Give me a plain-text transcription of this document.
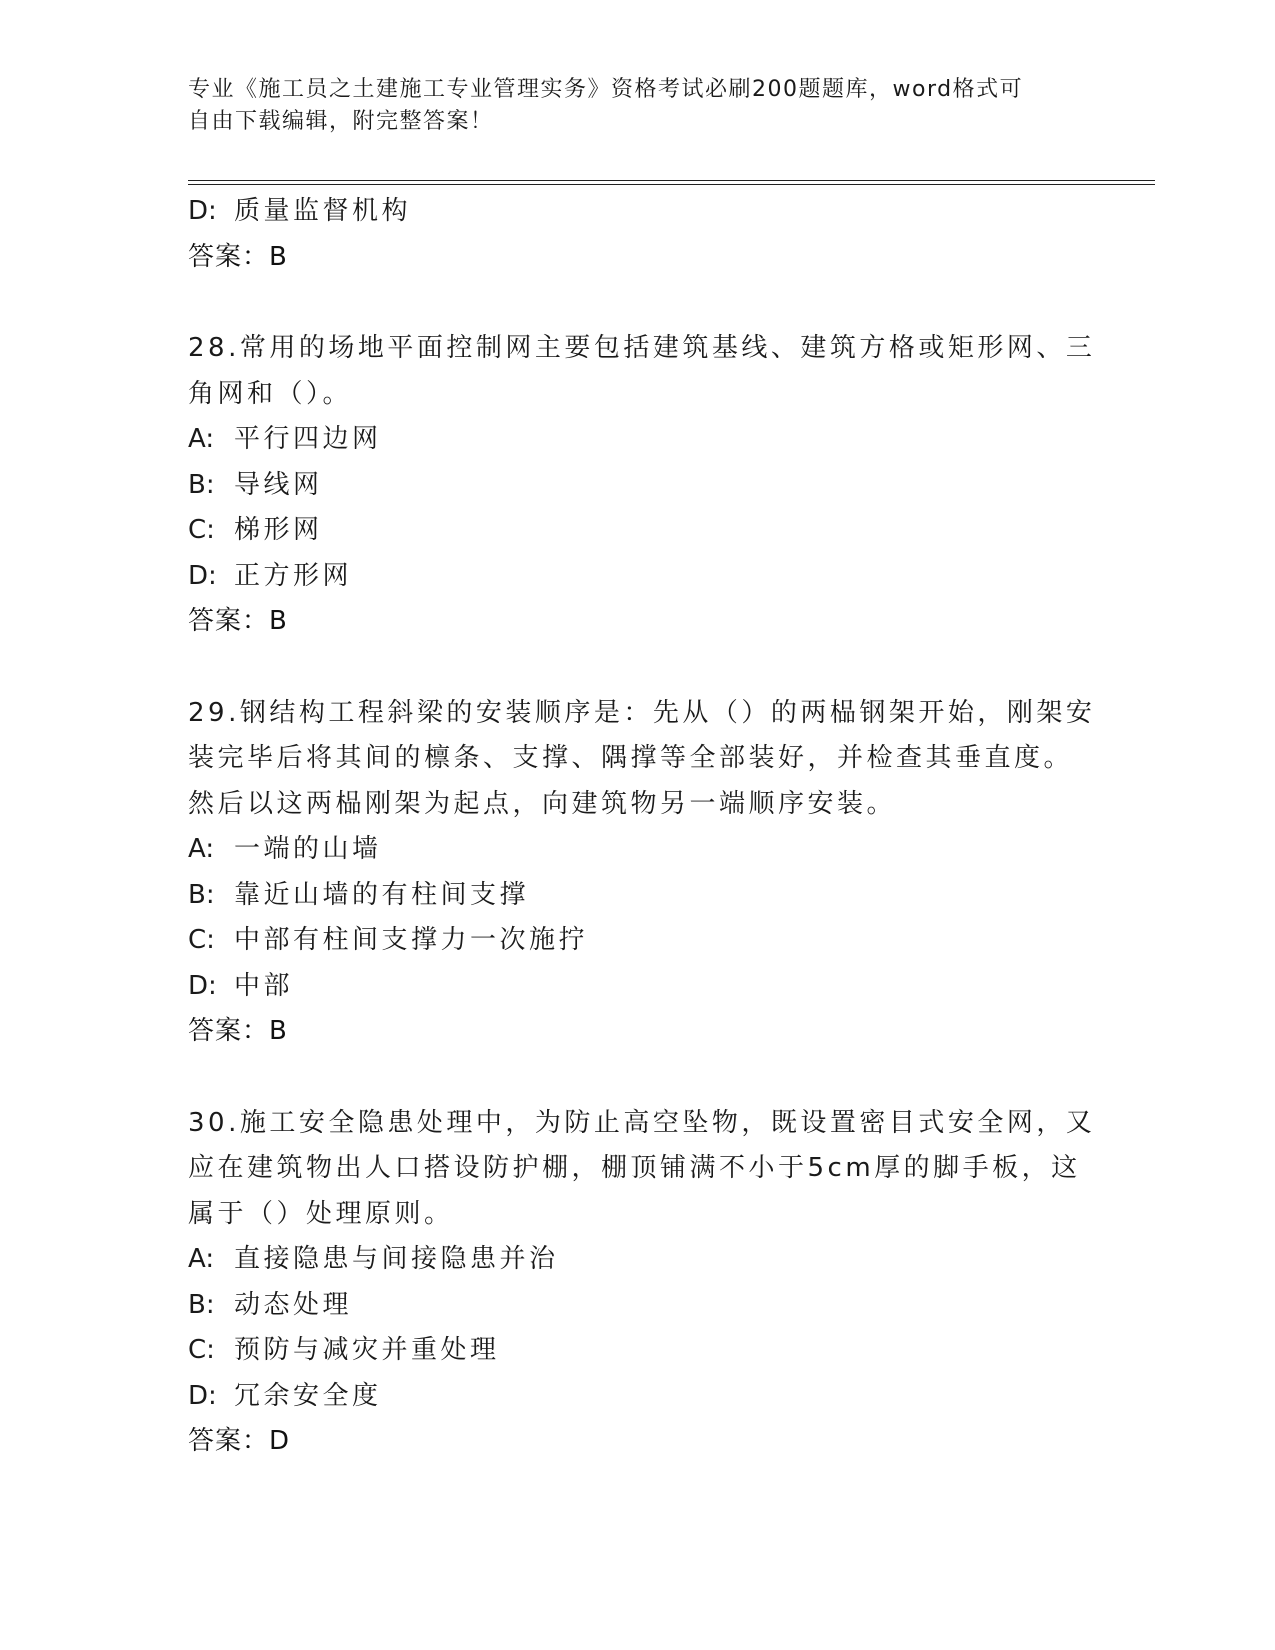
专业《施工员之土建施工专业管理实务》资格考试必刷200题题库，word格式可
自由下载编辑，附完整答案！
D: 质量监督机构
答案：B
28.常用的场地平面控制网主要包括建筑基线、建筑方格或矩形网、三
角网和（）。
A: 平行四边网
B: 导线网
C: 梯形网
D: 正方形网
答案：B
29.钢结构工程斜梁的安装顺序是：先从（）的两榀钢架开始，刚架安
装完毕后将其间的檩条、支撑、隅撑等全部装好，并检查其垂直度。
然后以这两榀刚架为起点，向建筑物另一端顺序安装。
A: 一端的山墙
B: 靠近山墙的有柱间支撑
C: 中部有柱间支撑力一次施拧
D: 中部
答案：B
30.施工安全隐患处理中，为防止高空坠物，既设置密目式安全网，又
应在建筑物出人口搭设防护棚，棚顶铺满不小于5cm厚的脚手板，这
属于（）处理原则。
A: 直接隐患与间接隐患并治
B: 动态处理
C: 预防与减灾并重处理
D: 冗余安全度
答案：D
